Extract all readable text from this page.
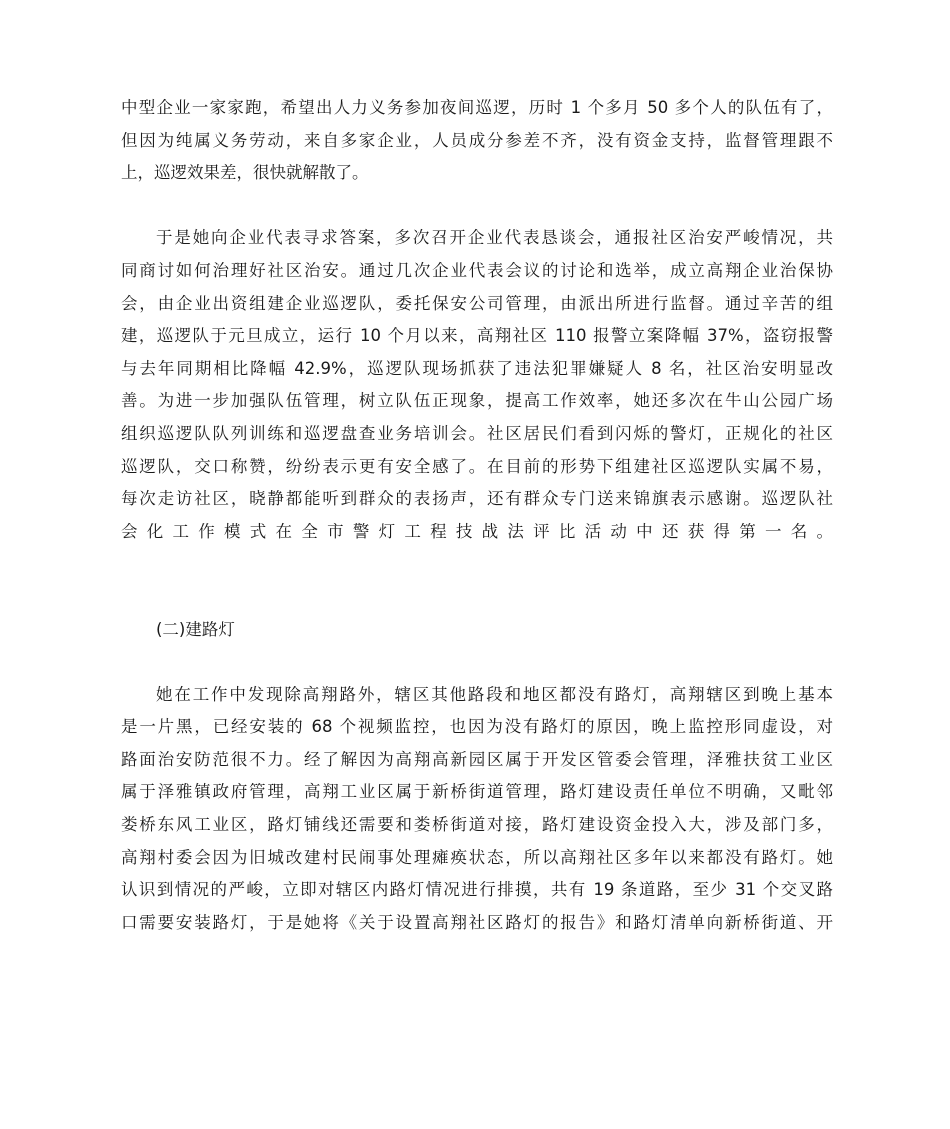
中型企业一家家跑，希望出人力义务参加夜间巡逻，历时 1 个多月 50 多个人的队伍有了，
但因为纯属义务劳动，来自多家企业，人员成分参差不齐，没有资金支持，监督管理跟不
上，巡逻效果差，很快就解散了。
于是她向企业代表寻求答案，多次召开企业代表恳谈会，通报社区治安严峻情况，共
同商讨如何治理好社区治安。通过几次企业代表会议的讨论和选举，成立高翔企业治保协
会，由企业出资组建企业巡逻队，委托保安公司管理，由派出所进行监督。通过辛苦的组
建，巡逻队于元旦成立，运行 10 个月以来，高翔社区 110 报警立案降幅 37%，盗窃报警
与去年同期相比降幅 42.9%，巡逻队现场抓获了违法犯罪嫌疑人 8 名，社区治安明显改
善。为进一步加强队伍管理，树立队伍正现象，提高工作效率，她还多次在牛山公园广场
组织巡逻队队列训练和巡逻盘查业务培训会。社区居民们看到闪烁的警灯，正规化的社区
巡逻队，交口称赞，纷纷表示更有安全感了。在目前的形势下组建社区巡逻队实属不易，
每次走访社区，晓静都能听到群众的表扬声，还有群众专门送来锦旗表示感谢。巡逻队社
会化工作模式在全市警灯工程技战法评比活动中还获得第一名。
(二)建路灯
她在工作中发现除高翔路外，辖区其他路段和地区都没有路灯，高翔辖区到晚上基本
是一片黑，已经安装的 68 个视频监控，也因为没有路灯的原因，晚上监控形同虚设，对
路面治安防范很不力。经了解因为高翔高新园区属于开发区管委会管理，泽雅扶贫工业区
属于泽雅镇政府管理，高翔工业区属于新桥街道管理，路灯建设责任单位不明确，又毗邻
娄桥东风工业区，路灯铺线还需要和娄桥街道对接，路灯建设资金投入大，涉及部门多，
高翔村委会因为旧城改建村民闹事处理瘫痪状态，所以高翔社区多年以来都没有路灯。她
认识到情况的严峻，立即对辖区内路灯情况进行排摸，共有 19 条道路，至少 31 个交叉路
口需要安装路灯，于是她将《关于设置高翔社区路灯的报告》和路灯清单向新桥街道、开
